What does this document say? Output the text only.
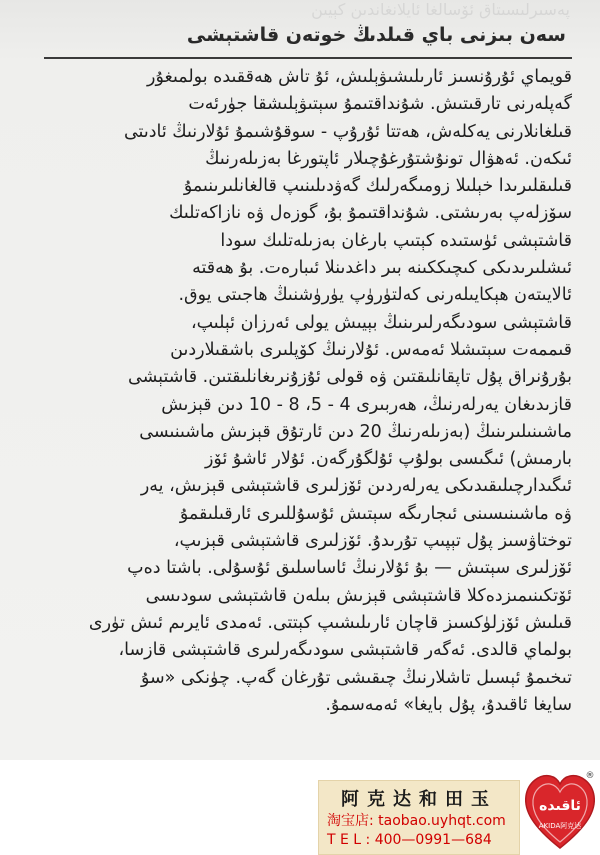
پەسىرلىسىتاق ئۆسالغا ئايلانغاندىن كېيىن
سەن بىزنى باي قىلدىڭ خوتەن قاشتېشى
قويماي ئۇرۇنسىز ئارىلىشىۋېلىش، ئۇ تاش ھەققىدە بولمىغۇر
گەپلەرنى تارقىتىش. شۇنداقتىمۇ سېتىۋېلىشقا جۈرئەت
قىلغانلارنى يەكلەش، ھەتتا ئۇرۇپ - سوقۇشىمۇ ئۇلارنىڭ ئادىتى
ئىكەن. ئەھۋال تونۇشتۇرغۇچىلار ئاپتورغا بەزىلەرنىڭ
قىلىقلىرىدا خېلىلا زومىگەرلىك گەۋدىلىنىپ قالغانلىرىنىمۇ
سۆزلەپ بەرىشتى. شۇنداقتىمۇ بۇ، گوزەل ۋە نازاكەتلىك
قاشتېشى ئۈستىدە كېتىپ بارغان بەزىلەتلىك سودا
ئىشلىرىدىكى كىچىككىنە بىر داغدىنلا ئىبارەت. بۇ ھەقتە
ئالايىتەن ھېكايىلەرنى كەلتۈرۈپ يۈرۈشنىڭ ھاجىتى يوق.
قاشتېشى سودىگەرلىرىنىڭ بېيىش يولى ئەرزان ئېلىپ،
قىممەت سېتىشلا ئەمەس. ئۇلارنىڭ كۆپلىرى باشقىلاردىن
بۇرۇنراق پۇل تاپقانلىقتىن ۋە قولى ئۇزۇنرىغانلىقتىن. قاشتېشى
قازىدىغان يەرلەرنىڭ، ھەربىرى 4 - 5، 8 - 10 دىن قېزىش
ماشىنىلىرىنىڭ (بەزىلەرنىڭ 20 دىن ئارتۇق قېزىش ماشىنىسى
بارمىش) ئىگىسى بولۇپ ئۇلگۇرگەن. ئۇلار ئاشۇ ئۆز
ئىگىدارچىلىقىدىكى يەرلەردىن ئۆزلىرى قاشتېشى قېزىش، يەر
ۋە ماشىنىسىنى ئىجارىگە سېتىش ئۇسۇللىرى ئارقىلىقمۇ
توختاۋسىز پۇل تېپىپ تۇرىدۇ. ئۆزلىرى قاشتېشى قېزىپ،
ئۆزلىرى سېتىش — بۇ ئۇلارنىڭ ئاساسلىق ئۇسۇلى. باشتا دەپ
ئۆتكىنىمىزدەكلا قاشتېشى قېزىش بىلەن قاشتېشى سودىسى
قىلىش ئۆزلۈكسىز قاچان ئارىلىشىپ كېتتى. ئەمدى ئايرىم ئىش تۈرى
بولماي قالدى. ئەگەر قاشتېشى سودىگەرلىرى قاشتېشى قازسا،
تىخىمۇ ئېسىل تاشلارنىڭ چىقىشى تۇرغان گەپ. چۈنكى «سۇ
سايغا ئاقىدۇ، پۇل بايغا» ئەمەسمۇ.
阿克达和田玉
淘宝店: taobao.uyhqt.com
T E L : 400—0991—684
ئاقىدە
AKIDA阿克达
®
